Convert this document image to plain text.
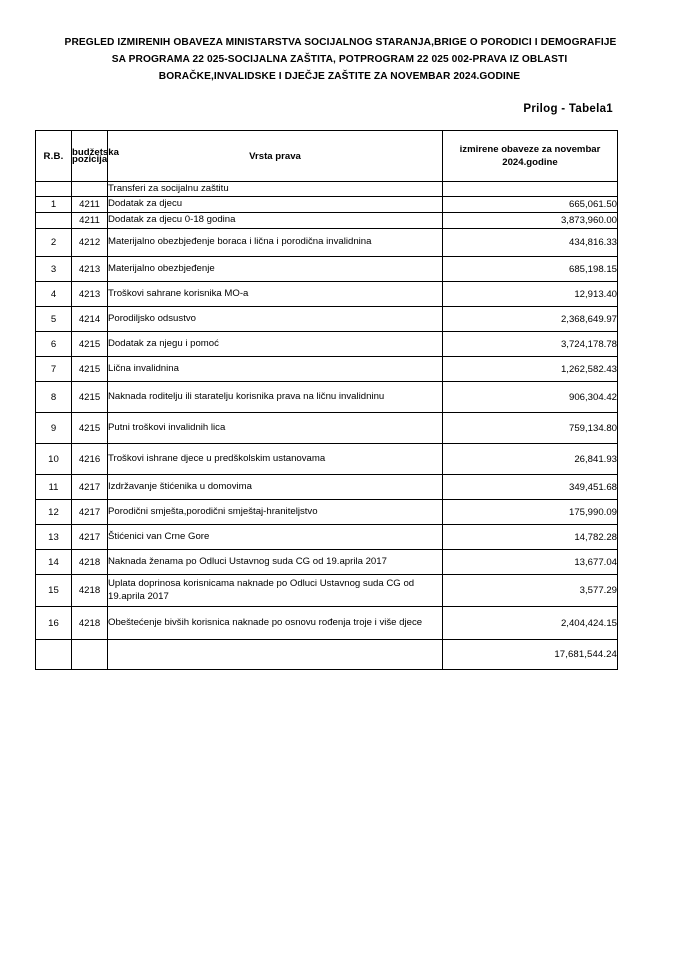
PREGLED IZMIRENIH OBAVEZA MINISTARSTVA SOCIJALNOG STARANJA,BRIGE O PORODICI I DEMOGRAFIJE
SA PROGRAMA 22 025-SOCIJALNA ZAŠTITA, POTPROGRAM 22 025 002-PRAVA IZ OBLASTI
BORAČKE,INVALIDSKE I DJEČJE ZAŠTITE ZA NOVEMBAR 2024.GODINE
Prilog - Tabela1
R.B.	budžetska pozicija	Vrsta prava	izmirene obaveze za novembar 2024.godine
		Transferi za socijalnu zaštitu	
1	4211	Dodatak za djecu	665,061.50
	4211	Dodatak za djecu 0-18 godina	3,873,960.00
2	4212	Materijalno obezbjeđenje boraca i lična i porodična invalidnina	434,816.33
3	4213	Materijalno obezbjeđenje	685,198.15
4	4213	Troškovi sahrane korisnika MO-a	12,913.40
5	4214	Porodiljsko odsustvo	2,368,649.97
6	4215	Dodatak za njegu i pomoć	3,724,178.78
7	4215	Lična invalidnina	1,262,582.43
8	4215	Naknada roditelju ili staratelju korisnika prava na ličnu invalidninu	906,304.42
9	4215	Putni troškovi invalidnih lica	759,134.80
10	4216	Troškovi ishrane djece u predškolskim ustanovama	26,841.93
11	4217	Izdržavanje štićenika u domovima	349,451.68
12	4217	Porodični smješta,porodični smještaj-hraniteljstvo	175,990.09
13	4217	Štićenici van Crne Gore	14,782.28
14	4218	Naknada ženama po Odluci Ustavnog suda CG od 19.aprila 2017	13,677.04
15	4218	Uplata doprinosa korisnicama naknade po Odluci Ustavnog suda CG od 19.aprila 2017	3,577.29
16	4218	Obeštećenje bivših korisnica naknade po osnovu rođenja troje i više djece	2,404,424.15
			17,681,544.24
